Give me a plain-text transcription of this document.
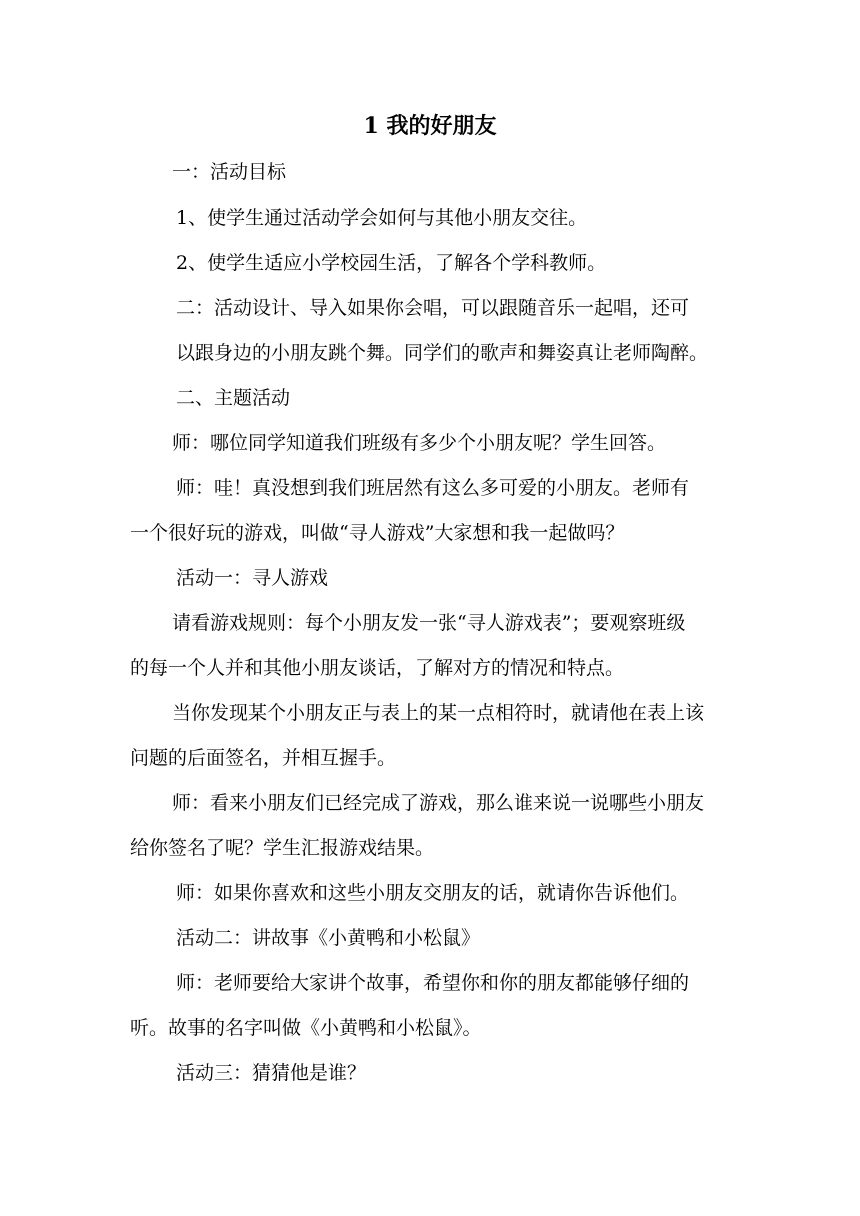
1 我的好朋友
一：活动目标
1、使学生通过活动学会如何与其他小朋友交往。
2、使学生适应小学校园生活，了解各个学科教师。
二：活动设计、导入如果你会唱，可以跟随音乐一起唱，还可
以跟身边的小朋友跳个舞。同学们的歌声和舞姿真让老师陶醉。
二、主题活动
师：哪位同学知道我们班级有多少个小朋友呢？学生回答。
师：哇！真没想到我们班居然有这么多可爱的小朋友。老师有
一个很好玩的游戏，叫做“寻人游戏”大家想和我一起做吗？
活动一：寻人游戏
请看游戏规则：每个小朋友发一张“寻人游戏表”；要观察班级
的每一个人并和其他小朋友谈话，了解对方的情况和特点。
当你发现某个小朋友正与表上的某一点相符时，就请他在表上该
问题的后面签名，并相互握手。
师：看来小朋友们已经完成了游戏，那么谁来说一说哪些小朋友
给你签名了呢？学生汇报游戏结果。
师：如果你喜欢和这些小朋友交朋友的话，就请你告诉他们。
活动二：讲故事《小黄鸭和小松鼠》
师：老师要给大家讲个故事，希望你和你的朋友都能够仔细的
听。故事的名字叫做《小黄鸭和小松鼠》。
活动三：猜猜他是谁？
